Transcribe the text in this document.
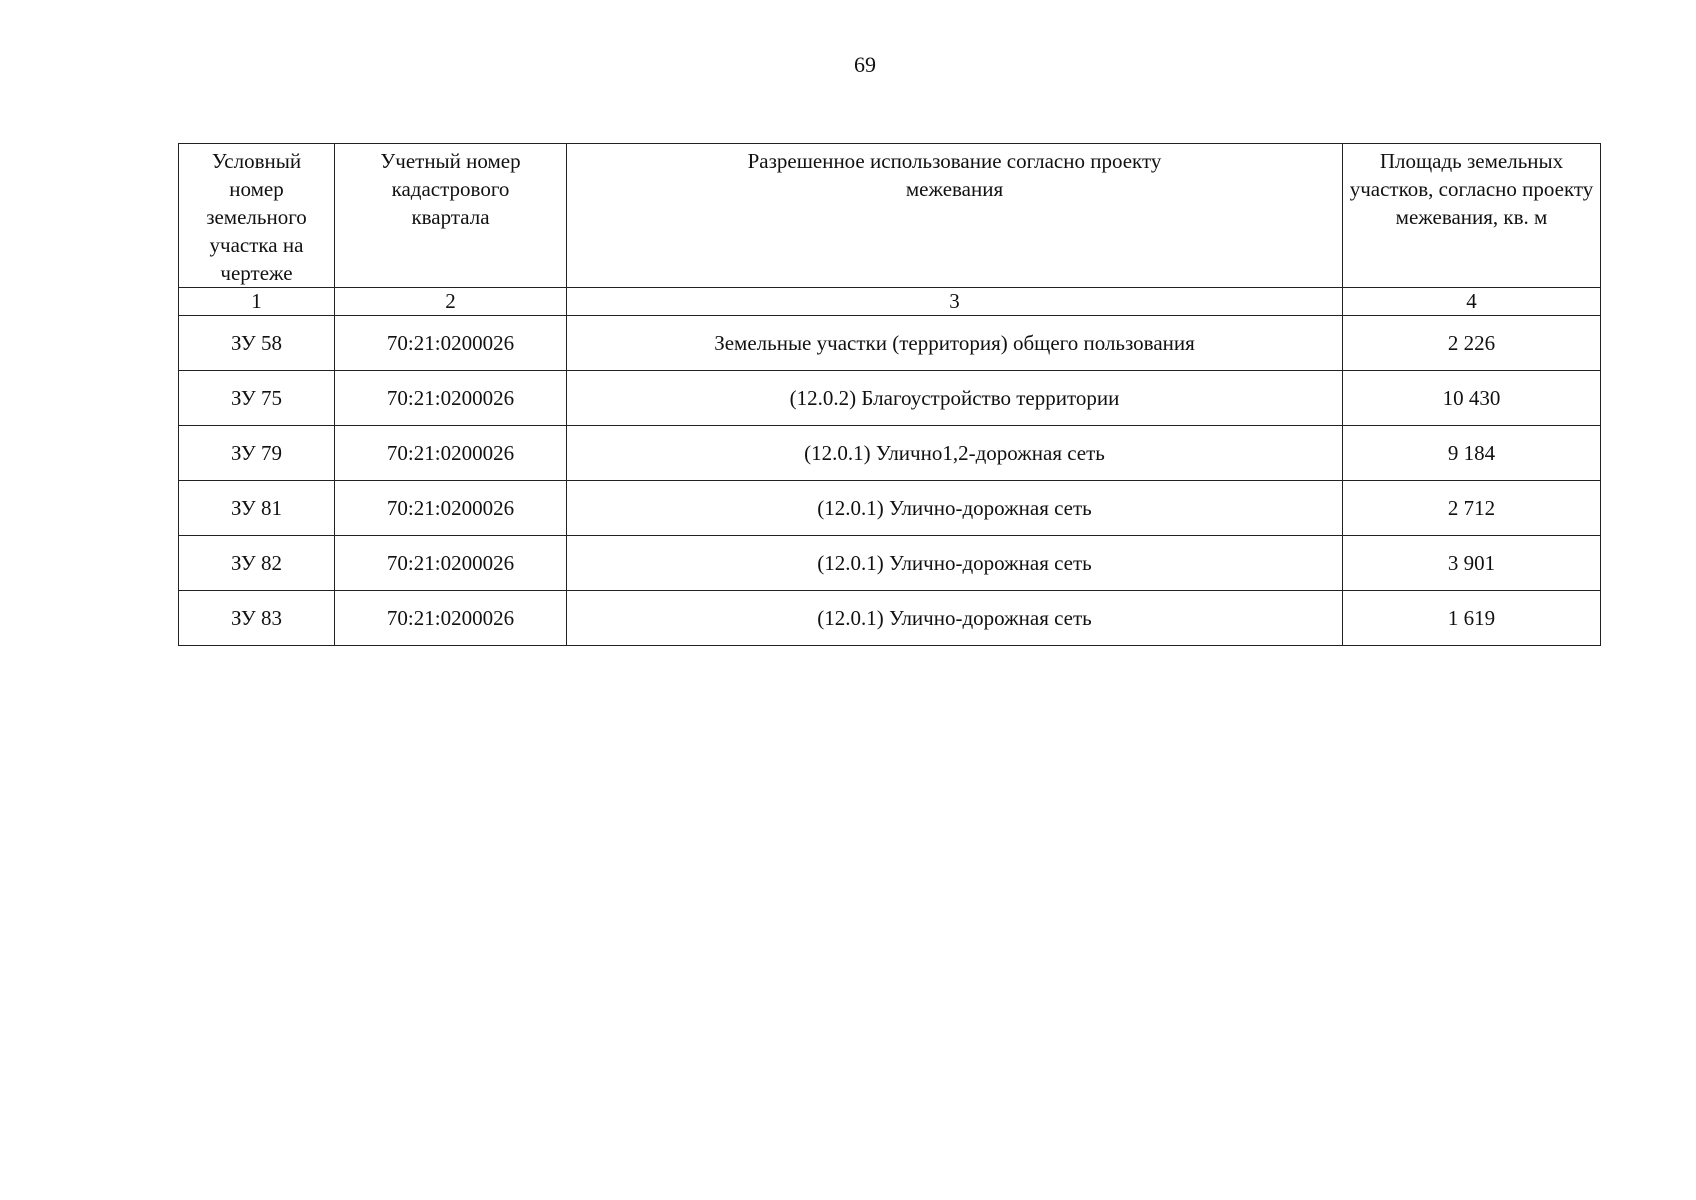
69
Условный номер земельного участка на чертеже	Учетный номер кадастрового квартала	Разрешенное использование согласно проекту межевания	Площадь земельных участков, согласно проекту межевания, кв. м
1	2	3	4
ЗУ 58	70:21:0200026	Земельные участки (территория) общего пользования	2 226
ЗУ 75	70:21:0200026	(12.0.2) Благоустройство территории	10 430
ЗУ 79	70:21:0200026	(12.0.1) Улично1,2-дорожная сеть	9 184
ЗУ 81	70:21:0200026	(12.0.1) Улично-дорожная сеть	2 712
ЗУ 82	70:21:0200026	(12.0.1) Улично-дорожная сеть	3 901
ЗУ 83	70:21:0200026	(12.0.1) Улично-дорожная сеть	1 619
